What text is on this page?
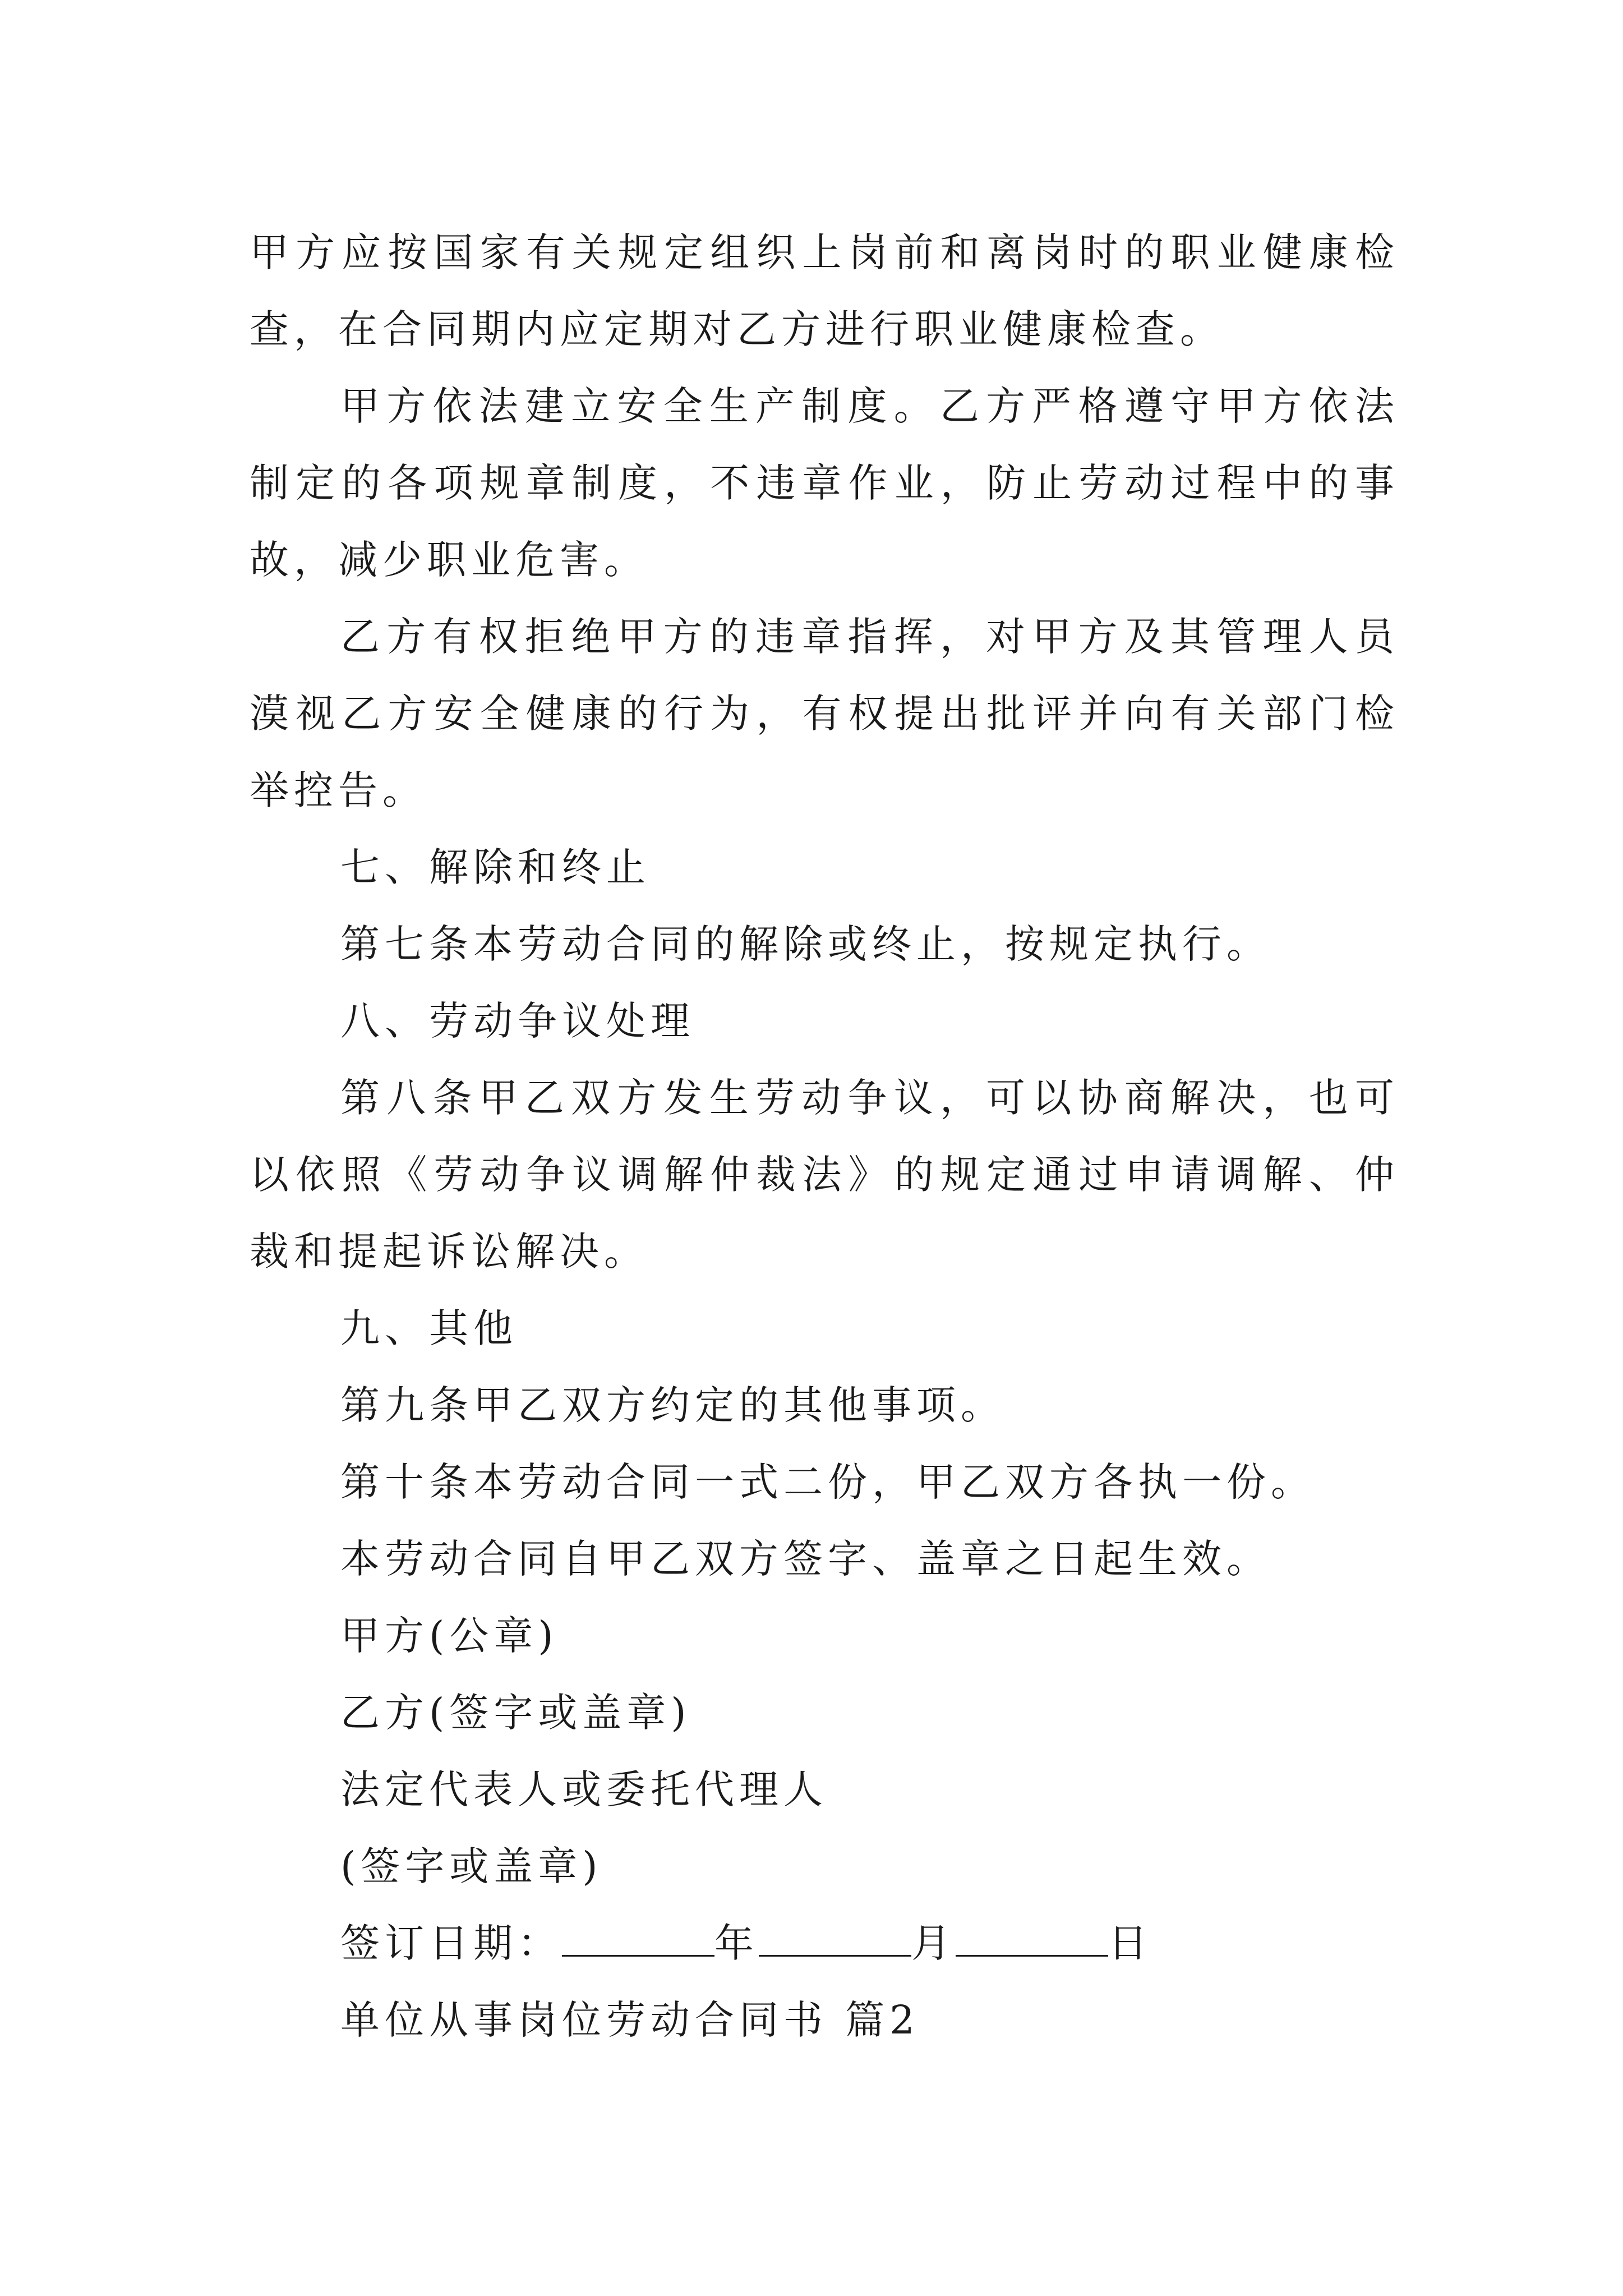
甲方应按国家有关规定组织上岗前和离岗时的职业健康检查，在合同期内应定期对乙方进行职业健康检查。

甲方依法建立安全生产制度。乙方严格遵守甲方依法制定的各项规章制度，不违章作业，防止劳动过程中的事故，减少职业危害。

乙方有权拒绝甲方的违章指挥，对甲方及其管理人员漠视乙方安全健康的行为，有权提出批评并向有关部门检举控告。

七、解除和终止

第七条本劳动合同的解除或终止，按规定执行。

八、劳动争议处理

第八条甲乙双方发生劳动争议，可以协商解决，也可以依照《劳动争议调解仲裁法》的规定通过申请调解、仲裁和提起诉讼解决。

九、其他

第九条甲乙双方约定的其他事项。

第十条本劳动合同一式二份，甲乙双方各执一份。

本劳动合同自甲乙双方签字、盖章之日起生效。

甲方(公章)

乙方(签字或盖章)

法定代表人或委托代理人

(签字或盖章)

签订日期：	年	月	日

单位从事岗位劳动合同书 篇2
